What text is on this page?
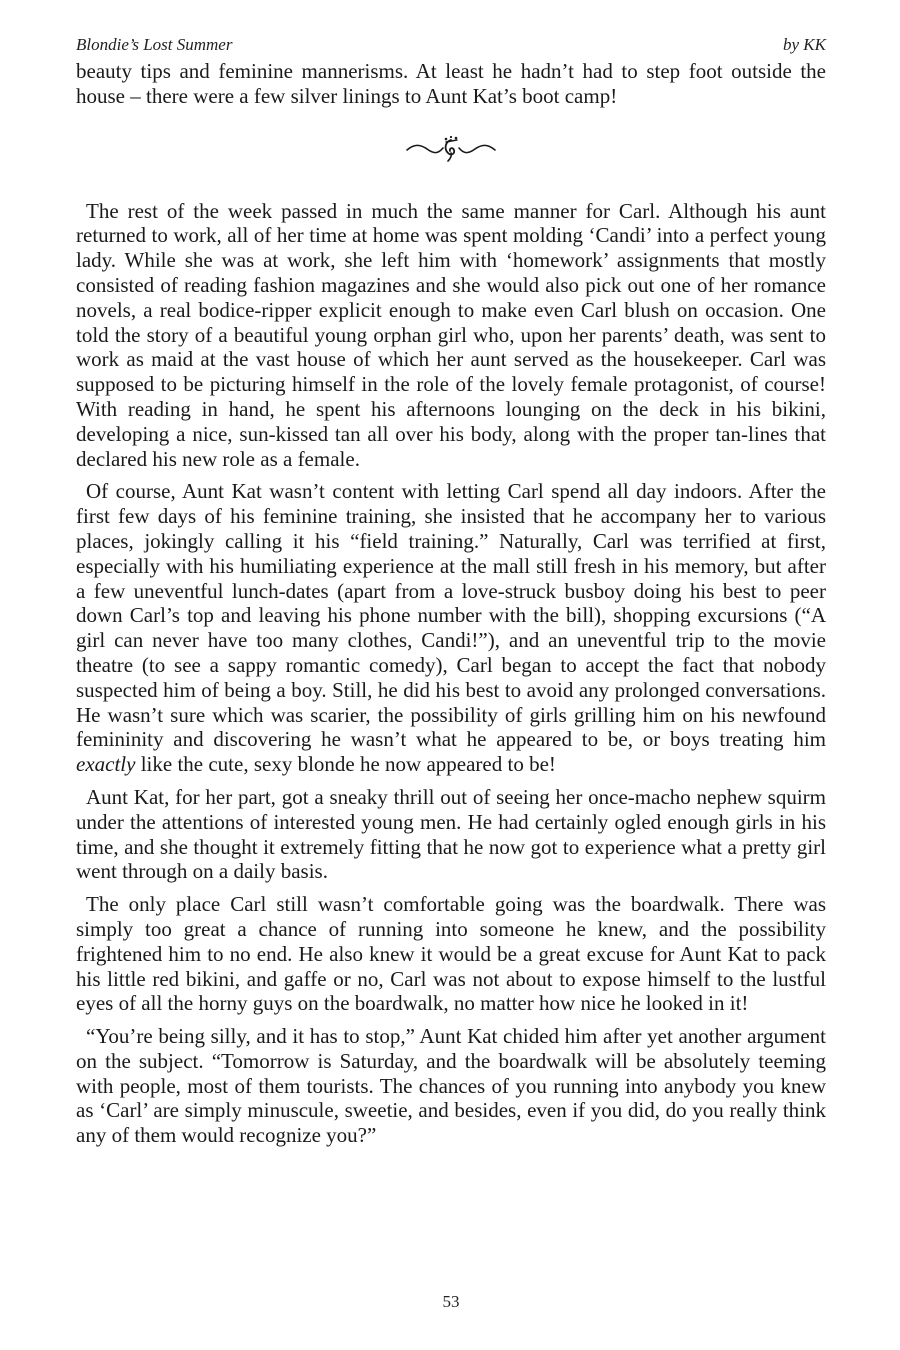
Blondie’s Lost Summer	by KK

beauty tips and feminine mannerisms. At least he hadn’t had to step foot outside the house – there were a few silver linings to Aunt Kat’s boot camp!

The rest of the week passed in much the same manner for Carl. Although his aunt returned to work, all of her time at home was spent molding ‘Candi’ into a perfect young lady. While she was at work, she left him with ‘homework’ assignments that mostly consisted of reading fashion magazines and she would also pick out one of her romance novels, a real bodice-ripper explicit enough to make even Carl blush on occasion. One told the story of a beautiful young orphan girl who, upon her parents’ death, was sent to work as maid at the vast house of which her aunt served as the housekeeper. Carl was supposed to be picturing himself in the role of the lovely female protagonist, of course! With reading in hand, he spent his afternoons lounging on the deck in his bikini, developing a nice, sun-kissed tan all over his body, along with the proper tan-lines that declared his new role as a female.

Of course, Aunt Kat wasn’t content with letting Carl spend all day indoors. After the first few days of his feminine training, she insisted that he accompany her to various places, jokingly calling it his “field training.” Naturally, Carl was terrified at first, especially with his humiliating experience at the mall still fresh in his memory, but after a few uneventful lunch-dates (apart from a love-struck busboy doing his best to peer down Carl’s top and leaving his phone number with the bill), shopping excursions (“A girl can never have too many clothes, Candi!”), and an uneventful trip to the movie theatre (to see a sappy romantic comedy), Carl began to accept the fact that nobody suspected him of being a boy. Still, he did his best to avoid any prolonged conversations. He wasn’t sure which was scarier, the possibility of girls grilling him on his newfound femininity and discovering he wasn’t what he appeared to be, or boys treating him exactly like the cute, sexy blonde he now appeared to be!

Aunt Kat, for her part, got a sneaky thrill out of seeing her once-macho nephew squirm under the attentions of interested young men. He had certainly ogled enough girls in his time, and she thought it extremely fitting that he now got to experience what a pretty girl went through on a daily basis.

The only place Carl still wasn’t comfortable going was the boardwalk. There was simply too great a chance of running into someone he knew, and the possibility frightened him to no end. He also knew it would be a great excuse for Aunt Kat to pack his little red bikini, and gaffe or no, Carl was not about to expose himself to the lustful eyes of all the horny guys on the boardwalk, no matter how nice he looked in it!

“You’re being silly, and it has to stop,” Aunt Kat chided him after yet another argument on the subject. “Tomorrow is Saturday, and the boardwalk will be absolutely teeming with people, most of them tourists. The chances of you running into anybody you knew as ‘Carl’ are simply minuscule, sweetie, and besides, even if you did, do you really think any of them would recognize you?”

53
